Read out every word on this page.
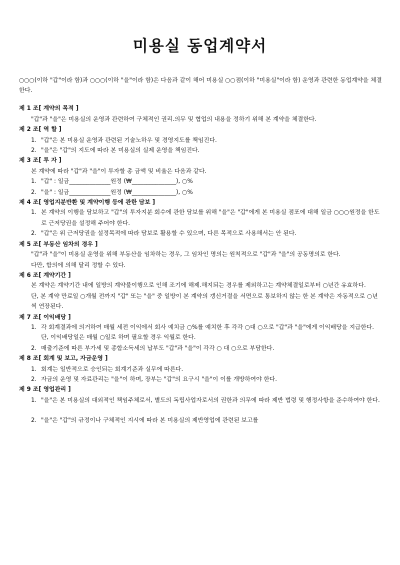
미용실 동업계약서
○○○(이하 "갑"이라 함)과 ○○○(이하 "을"이라 함)은 다음과 같이 해어 미용실 ○○점(이하 "미용실"이라 함) 운영과 관련한 동업계약을 체결한다.
제 1 조[ 계약의 목적 ]
"갑"과 "을"은 미용실의 운영과 관련하여 구체적인 권리.의무 및 협업의 내용을 정하기 위해 본 계약을 체결한다.
제 2 조[ 역 할 ]
1. "갑"은 본 미용실 운영과 관련된 기술노하우 및 경영지도를 책임진다.
2. "을"은 "갑"의 지도에 따라 본 미용실의 실제 운영을 책임진다.
제 3 조[ 투 자 ]
본 계약에 따라 "갑"과 "을"이 투자할 총 금액 및 비율은 다음과 같다.
1. "갑" : 일금______________원정 (₩_______________), ○%
2. "을" : 일금______________원정 (₩_______________), ○%
제 4 조[ 영업지분반환 및 계약이행 등에 관한 담보 ]
1. 본 계약의 이행을 담보하고 "갑"의 투자지분 회수에 관한 담보를 위해 "을"은 "갑"에게 본 미용실 점포에 대해 일금 ○○○원정을 한도로 근저당권을 설정해 주어야 한다.
2. "갑"은 위 근저당권을 설정목적에 따라 담보로 활용할 수 있으며, 다른 목적으로 사용해서는 안 된다.
제 5 조[ 부동산 임차의 경우 ]
"갑"과 "을"이 미용실 운영을 위해 부동산을 임차하는 경우, 그 임차인 명의는 원칙적으로 "갑"과 "을"의 공동명의로 한다.
다만, 합의에 의해 달리 정할 수 있다.
제 6 조[ 계약기간 ]
본 계약은 계약기간 내에 일방의 계약불이행으로 인해 조기에 해제.해지되는 경우를 제외하고는 계약체결일로부터 ○년간 유효하다.
단, 본 계약 만료일 ○개월 전까지 "갑" 또는 "을" 중 일방이 본 계약의 갱신거절을 서면으로 통보하지 않는 한 본 계약은 자동적으로 ○년씩 연장된다.
제 7 조[ 이익배당 ]
1. 각 회계결과에 의거하여 매월 세전 이익에서 회사 예치금 ○%를 예치한 후 각각 ○대 ○으로 "갑"과 "을"에게 이익배당을 지급한다.
단, 이익배당일은 매월 ○일로 하며 필요할 경우 익월로 한다.
2. 매출기준에 따른 부가세 및 종합소득세의 납부도 "갑"과 "을"이 각각 ○ 대 ○으로 부담한다.
제 8 조[ 회계 및 보고, 자금운영 ]
1. 회계는 일반적으로 승인되는 회계기준과 실무에 따른다.
2. 자금의 운영 및 자료관리는 "을"이 하며, 장부는 "갑"의 요구시 "을"이 이를 개방하여야 한다.
제 9 조[ 영업관리 ]
1. "을"은 본 미용실의 대외적인 책임주체로서, 별도의 독립사업자로서의 권한과 의무에 따라 제반 법령 및 행정사항을 준수하여야 한다.
2. "을"은 "갑"의 규정이나 구체적인 지시에 따라 본 미용실의 제반영업에 관련된 보고를
